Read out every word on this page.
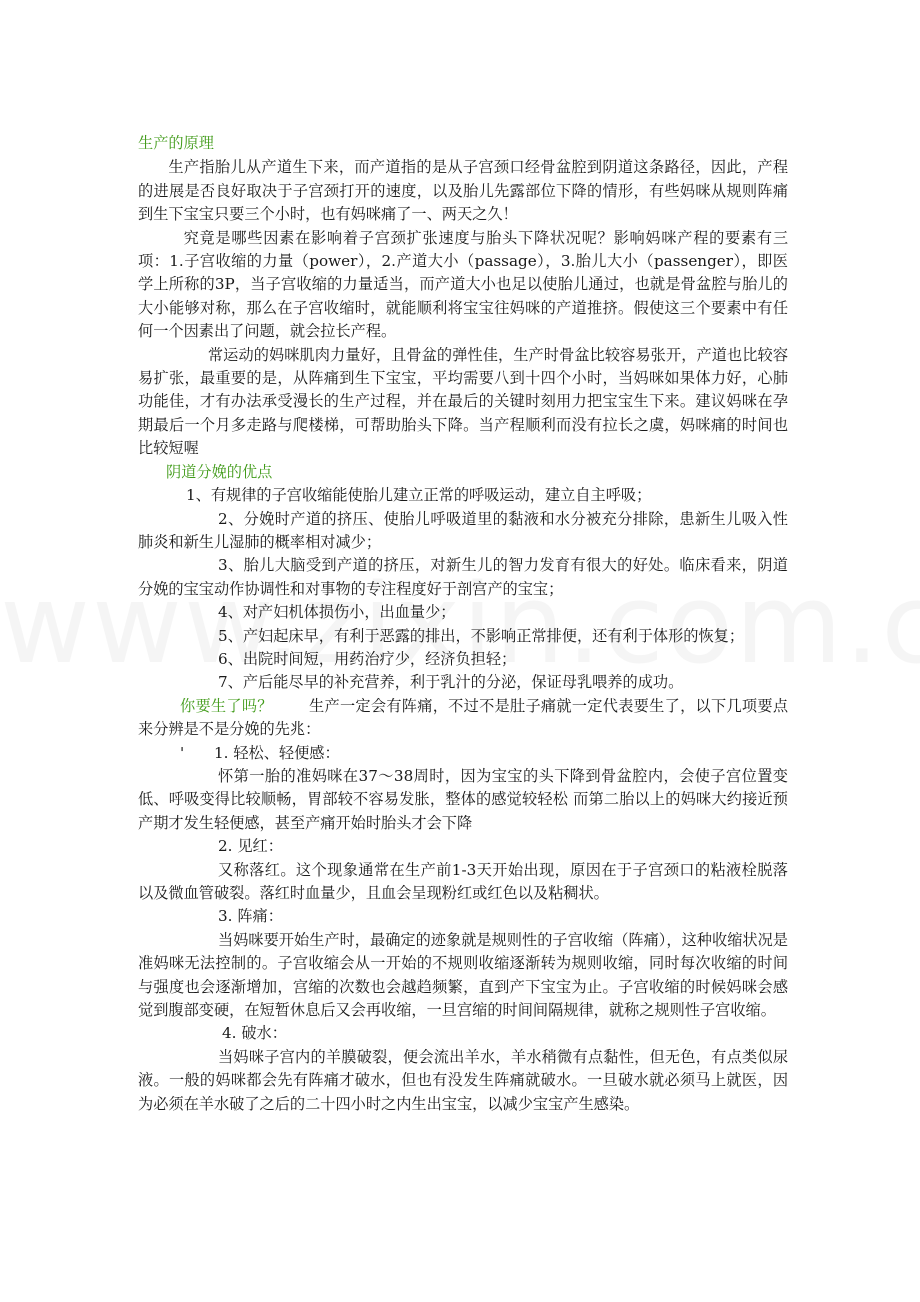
生产的原理

生产指胎儿从产道生下来，而产道指的是从子宫颈口经骨盆腔到阴道这条路径，因此，产程的进展是否良好取决于子宫颈打开的速度，以及胎儿先露部位下降的情形，有些妈咪从规则阵痛到生下宝宝只要三个小时，也有妈咪痛了一、两天之久！

究竟是哪些因素在影响着子宫颈扩张速度与胎头下降状况呢？影响妈咪产程的要素有三项：1.子宫收缩的力量（power），2.产道大小（passage），3.胎儿大小（passenger），即医学上所称的3P，当子宫收缩的力量适当，而产道大小也足以使胎儿通过，也就是骨盆腔与胎儿的大小能够对称，那么在子宫收缩时，就能顺利将宝宝往妈咪的产道推挤。假使这三个要素中有任何一个因素出了问题，就会拉长产程。

常运动的妈咪肌肉力量好，且骨盆的弹性佳，生产时骨盆比较容易张开，产道也比较容易扩张，最重要的是，从阵痛到生下宝宝，平均需要八到十四个小时，当妈咪如果体力好，心肺功能佳，才有办法承受漫长的生产过程，并在最后的关键时刻用力把宝宝生下来。建议妈咪在孕期最后一个月多走路与爬楼梯，可帮助胎头下降。当产程顺利而没有拉长之虞，妈咪痛的时间也比较短喔

阴道分娩的优点

1、有规律的子宫收缩能使胎儿建立正常的呼吸运动，建立自主呼吸；

2、分娩时产道的挤压、使胎儿呼吸道里的黏液和水分被充分排除，患新生儿吸入性肺炎和新生儿湿肺的概率相对减少；

3、胎儿大脑受到产道的挤压，对新生儿的智力发育有很大的好处。临床看来，阴道分娩的宝宝动作协调性和对事物的专注程度好于剖宫产的宝宝；

4、对产妇机体损伤小，出血量少；

5、产妇起床早，有利于恶露的排出，不影响正常排便，还有利于体形的恢复；

6、出院时间短，用药治疗少，经济负担轻；

7、产后能尽早的补充营养，利于乳汁的分泌，保证母乳喂养的成功。

你要生了吗？ 生产一定会有阵痛，不过不是肚子痛就一定代表要生了，以下几项要点来分辨是不是分娩的先兆：

' 1. 轻松、轻便感：

怀第一胎的准妈咪在37～38周时，因为宝宝的头下降到骨盆腔内，会使子宫位置变低、呼吸变得比较顺畅，胃部较不容易发胀，整体的感觉较轻松 而第二胎以上的妈咪大约接近预产期才发生轻便感，甚至产痛开始时胎头才会下降

2. 见红：

又称落红。这个现象通常在生产前1-3天开始出现，原因在于子宫颈口的粘液栓脱落以及微血管破裂。落红时血量少，且血会呈现粉红或红色以及粘稠状。

3. 阵痛：

当妈咪要开始生产时，最确定的迹象就是规则性的子宫收缩（阵痛），这种收缩状况是准妈咪无法控制的。子宫收缩会从一开始的不规则收缩逐渐转为规则收缩，同时每次收缩的时间与强度也会逐渐增加，宫缩的次数也会越趋频繁，直到产下宝宝为止。子宫收缩的时候妈咪会感觉到腹部变硬，在短暂休息后又会再收缩，一旦宫缩的时间间隔规律，就称之规则性子宫收缩。

4. 破水：

当妈咪子宫内的羊膜破裂，便会流出羊水，羊水稍微有点黏性，但无色，有点类似尿液。一般的妈咪都会先有阵痛才破水，但也有没发生阵痛就破水。一旦破水就必须马上就医，因为必须在羊水破了之后的二十四小时之内生出宝宝，以减少宝宝产生感染。
